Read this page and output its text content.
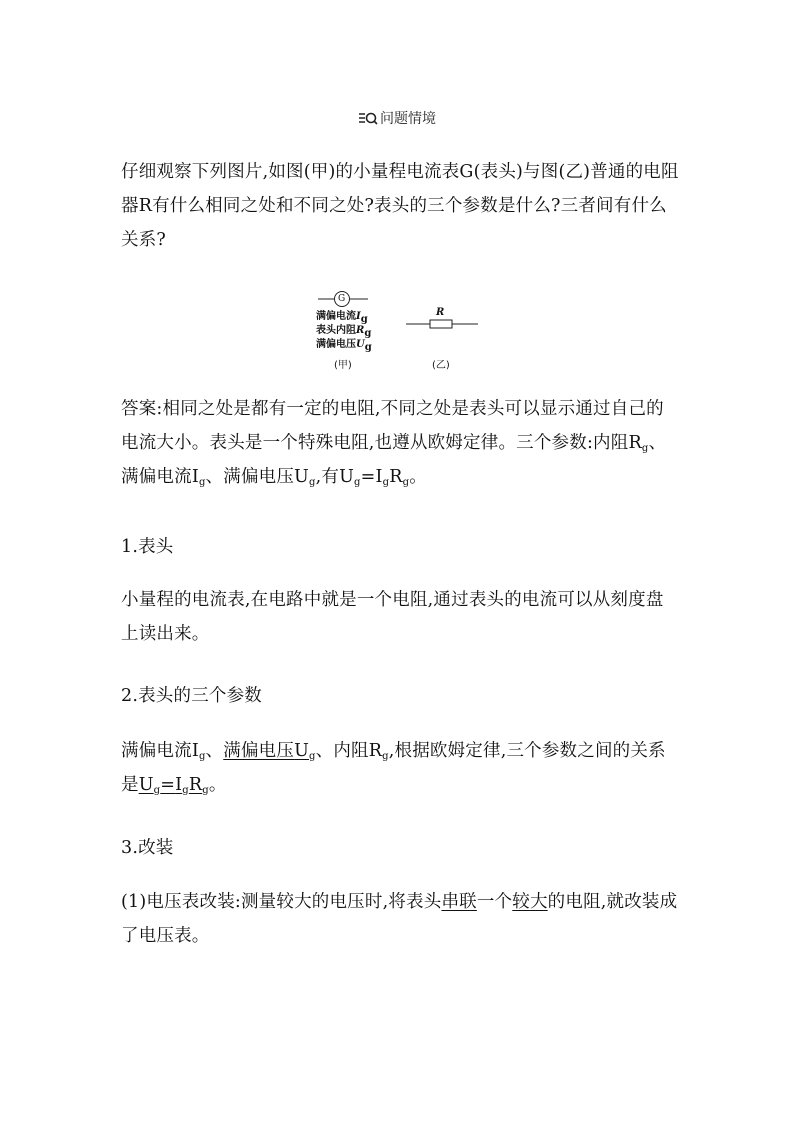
问题情境
仔细观察下列图片,如图(甲)的小量程电流表G(表头)与图(乙)普通的电阻器R有什么相同之处和不同之处?表头的三个参数是什么?三者间有什么关系?
G
满偏电流$I_g$
表头内阻$R_g$
满偏电压$U_g$
R
(甲)	(乙)
答案:相同之处是都有一定的电阻,不同之处是表头可以显示通过自己的电流大小。表头是一个特殊电阻,也遵从欧姆定律。三个参数:内阻$R_g$、满偏电流$I_g$、满偏电压$U_g$,有$U_g=I_gR_g$。
1.表头
小量程的电流表,在电路中就是一个电阻,通过表头的电流可以从刻度盘上读出来。
2.表头的三个参数
满偏电流$I_g$、满偏电压$U_g$、内阻$R_g$,根据欧姆定律,三个参数之间的关系是$U_g=I_gR_g$。
3.改装
(1)电压表改装:测量较大的电压时,将表头串联一个较大的电阻,就改装成了电压表。
